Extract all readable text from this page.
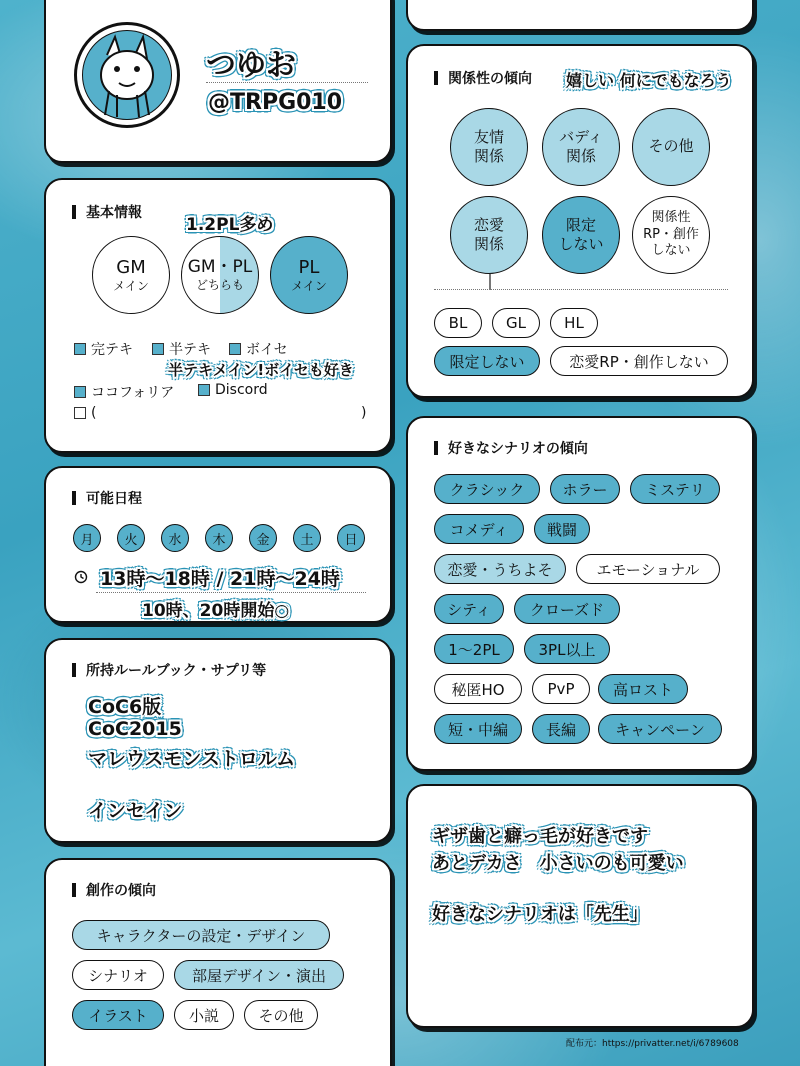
つゆお
@TRPG010
基本情報
1.2PL多め
GM
メイン
GM・PL
どちらも
PL
メイン
完テキ	半テキ	ボイセ
半テキメイン!ボイセも好き
ココフォリア	Discord
(	)
可能日程
月	火	水	木	金	土	日
13時〜18時 / 21時〜24時
10時、20時開始○
所持ルールブック・サプリ等
CoC6版
CoC2015
マレウスモンストロルム
インセイン
創作の傾向
キャラクターの設定・デザイン
シナリオ	部屋デザイン・演出
イラスト	小説	その他
関係性の傾向 嬉しい 何にでもなろう
友情
関係
バディ
関係
その他
恋愛
関係
限定
しない
関係性
RP・創作
しない
BL	GL	HL
限定しない	恋愛RP・創作しない
好きなシナリオの傾向
クラシック	ホラー	ミステリ
コメディ	戦闘
恋愛・うちよそ	エモーショナル
シティ	クローズド
1〜2PL	3PL以上
秘匿HO	PvP	高ロスト
短・中編	長編	キャンペーン
ギザ歯と癖っ毛が好きです
あとデカさ　小さいのも可愛い
好きなシナリオは「先生」
配布元：https://privatter.net/i/6789608
